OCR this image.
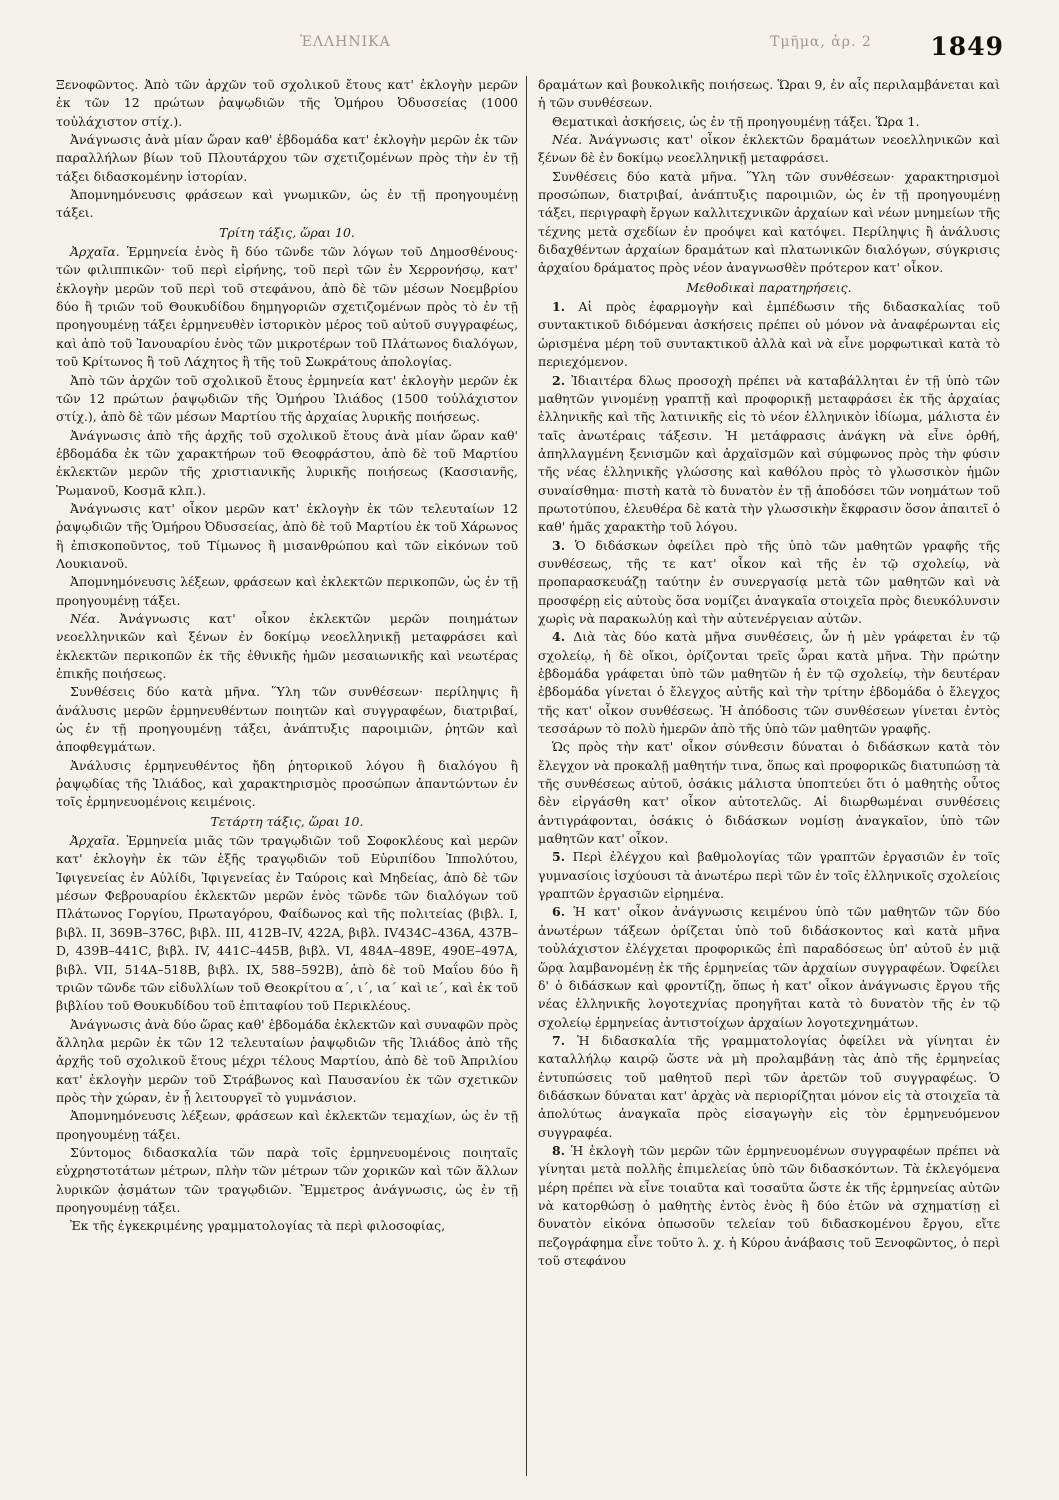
ἘΛΛΗΝΙΚΑ	Τμῆμα, ἀρ. 2 1849

Ξενοφῶντος. Ἀπὸ τῶν ἀρχῶν τοῦ σχολικοῦ ἔτους κατ' ἐκλογὴν μερῶν ἐκ τῶν 12 πρώτων ῥαψῳδιῶν τῆς Ὁμήρου Ὀδυσσείας (1000 τοὐλάχιστον στίχ.).

Ἀνάγνωσις ἀνὰ μίαν ὥραν καθ' ἑβδομάδα κατ' ἐκλογὴν μερῶν ἐκ τῶν παραλλήλων βίων τοῦ Πλουτάρχου τῶν σχετιζομένων πρὸς τὴν ἐν τῇ τάξει διδασκομένην ἱστορίαν.

Ἀπομνημόνευσις φράσεων καὶ γνωμικῶν, ὡς ἐν τῇ προηγουμένῃ τάξει.

Τρίτη τάξις, ὥραι 10.

Ἀρχαῖα. Ἑρμηνεία ἑνὸς ἢ δύο τῶνδε τῶν λόγων τοῦ Δημοσθένους· τῶν φιλιππικῶν· τοῦ περὶ εἰρήνης, τοῦ περὶ τῶν ἐν Χερρονήσῳ, κατ' ἐκλογὴν μερῶν τοῦ περὶ τοῦ στεφάνου, ἀπὸ δὲ τῶν μέσων Νοεμβρίου δύο ἢ τριῶν τοῦ Θουκυδίδου δημηγοριῶν σχετιζομένων πρὸς τὸ ἐν τῇ προηγουμένῃ τάξει ἑρμηνευθὲν ἱστορικὸν μέρος τοῦ αὐτοῦ συγγραφέως, καὶ ἀπὸ τοῦ Ἰανουαρίου ἑνὸς τῶν μικροτέρων τοῦ Πλάτωνος διαλόγων, τοῦ Κρίτωνος ἢ τοῦ Λάχητος ἢ τῆς τοῦ Σωκράτους ἀπολογίας.

Ἀπὸ τῶν ἀρχῶν τοῦ σχολικοῦ ἔτους ἑρμηνεία κατ' ἐκλογὴν μερῶν ἐκ τῶν 12 πρώτων ῥαψῳδιῶν τῆς Ὁμήρου Ἰλιάδος (1500 τοὐλάχιστον στίχ.), ἀπὸ δὲ τῶν μέσων Μαρτίου τῆς ἀρχαίας λυρικῆς ποιήσεως.

Ἀνάγνωσις ἀπὸ τῆς ἀρχῆς τοῦ σχολικοῦ ἔτους ἀνὰ μίαν ὥραν καθ' ἑβδομάδα ἐκ τῶν χαρακτήρων τοῦ Θεοφράστου, ἀπὸ δὲ τοῦ Μαρτίου ἐκλεκτῶν μερῶν τῆς χριστιανικῆς λυρικῆς ποιήσεως (Κασσιανῆς, Ῥωμανοῦ, Κοσμᾶ κλπ.).

Ἀνάγνωσις κατ' οἶκον μερῶν κατ' ἐκλογὴν ἐκ τῶν τελευταίων 12 ῥαψῳδιῶν τῆς Ὁμήρου Ὀδυσσείας, ἀπὸ δὲ τοῦ Μαρτίου ἐκ τοῦ Χάρωνος ἢ ἐπισκοποῦντος, τοῦ Τίμωνος ἢ μισανθρώπου καὶ τῶν εἰκόνων τοῦ Λουκιανοῦ.

Ἀπομνημόνευσις λέξεων, φράσεων καὶ ἐκλεκτῶν περικοπῶν, ὡς ἐν τῇ προηγουμένῃ τάξει.

Νέα. Ἀνάγνωσις κατ' οἶκον ἐκλεκτῶν μερῶν ποιημάτων νεοελληνικῶν καὶ ξένων ἐν δοκίμῳ νεοελληνικῇ μεταφράσει καὶ ἐκλεκτῶν περικοπῶν ἐκ τῆς ἐθνικῆς ἡμῶν μεσαιωνικῆς καὶ νεωτέρας ἐπικῆς ποιήσεως.

Συνθέσεις δύο κατὰ μῆνα. Ὕλη τῶν συνθέσεων· περίληψις ἢ ἀνάλυσις μερῶν ἑρμηνευθέντων ποιητῶν καὶ συγγραφέων, διατριβαί, ὡς ἐν τῇ προηγουμένῃ τάξει, ἀνάπτυξις παροιμιῶν, ῥητῶν καὶ ἀποφθεγμάτων.

Ἀνάλυσις ἑρμηνευθέντος ἤδη ῥητορικοῦ λόγου ἢ διαλόγου ἢ ῥαψῳδίας τῆς Ἰλιάδος, καὶ χαρακτηρισμὸς προσώπων ἀπαντώντων ἐν τοῖς ἑρμηνευομένοις κειμένοις.

Τετάρτη τάξις, ὥραι 10.

Ἀρχαῖα. Ἑρμηνεία μιᾶς τῶν τραγῳδιῶν τοῦ Σοφοκλέους καὶ μερῶν κατ' ἐκλογὴν ἐκ τῶν ἑξῆς τραγῳδιῶν τοῦ Εὐριπίδου Ἱππολύτου, Ἰφιγενείας ἐν Αὐλίδι, Ἰφιγενείας ἐν Ταύροις καὶ Μηδείας, ἀπὸ δὲ τῶν μέσων Φεβρουαρίου ἐκλεκτῶν μερῶν ἑνὸς τῶνδε τῶν διαλόγων τοῦ Πλάτωνος Γοργίου, Πρωταγόρου, Φαίδωνος καὶ τῆς πολιτείας (βιβλ. I, βιβλ. II, 369B–376C, βιβλ. III, 412B–IV, 422A, βιβλ. IV434C–436A, 437B–D, 439B–441C, βιβλ. IV, 441C–445B, βιβλ. VI, 484A–489E, 490E–497A, βιβλ. VII, 514A–518B, βιβλ. IX, 588–592B), ἀπὸ δὲ τοῦ Μαΐου δύο ἢ τριῶν τῶνδε τῶν εἰδυλλίων τοῦ Θεοκρίτου α΄, ι΄, ια΄ καὶ ιε΄, καὶ ἐκ τοῦ βιβλίου τοῦ Θουκυδίδου τοῦ ἐπιταφίου τοῦ Περικλέους.

Ἀνάγνωσις ἀνὰ δύο ὥρας καθ' ἑβδομάδα ἐκλεκτῶν καὶ συναφῶν πρὸς ἄλληλα μερῶν ἐκ τῶν 12 τελευταίων ῥαψῳδιῶν τῆς Ἰλιάδος ἀπὸ τῆς ἀρχῆς τοῦ σχολικοῦ ἔτους μέχρι τέλους Μαρτίου, ἀπὸ δὲ τοῦ Ἀπριλίου κατ' ἐκλογὴν μερῶν τοῦ Στράβωνος καὶ Παυσανίου ἐκ τῶν σχετικῶν πρὸς τὴν χώραν, ἐν ᾗ λειτουργεῖ τὸ γυμνάσιον.

Ἀπομνημόνευσις λέξεων, φράσεων καὶ ἐκλεκτῶν τεμαχίων, ὡς ἐν τῇ προηγουμένῃ τάξει.

Σύντομος διδασκαλία τῶν παρὰ τοῖς ἑρμηνευομένοις ποιηταῖς εὐχρηστοτάτων μέτρων, πλὴν τῶν μέτρων τῶν χορικῶν καὶ τῶν ἄλλων λυρικῶν ᾀσμάτων τῶν τραγῳδιῶν. Ἔμμετρος ἀνάγνωσις, ὡς ἐν τῇ προηγουμένῃ τάξει.

Ἐκ τῆς ἐγκεκριμένης γραμματολογίας τὰ περὶ φιλοσοφίας,

δραμάτων καὶ βουκολικῆς ποιήσεως. Ὥραι 9, ἐν αἷς περιλαμβάνεται καὶ ἡ τῶν συνθέσεων.

Θεματικαὶ ἀσκήσεις, ὡς ἐν τῇ προηγουμένῃ τάξει. Ὥρα 1.

Νέα. Ἀνάγνωσις κατ' οἶκον ἐκλεκτῶν δραμάτων νεοελληνικῶν καὶ ξένων δὲ ἐν δοκίμῳ νεοελληνικῇ μεταφράσει.

Συνθέσεις δύο κατὰ μῆνα. Ὕλη τῶν συνθέσεων· χαρακτηρισμοὶ προσώπων, διατριβαί, ἀνάπτυξις παροιμιῶν, ὡς ἐν τῇ προηγουμένῃ τάξει, περιγραφὴ ἔργων καλλιτεχνικῶν ἀρχαίων καὶ νέων μνημείων τῆς τέχνης μετὰ σχεδίων ἐν προόψει καὶ κατόψει. Περίληψις ἢ ἀνάλυσις διδαχθέντων ἀρχαίων δραμάτων καὶ πλατωνικῶν διαλόγων, σύγκρισις ἀρχαίου δράματος πρὸς νέον ἀναγνωσθὲν πρότερον κατ' οἶκον.

Μεθοδικαὶ παρατηρήσεις.

1. Αἱ πρὸς ἐφαρμογὴν καὶ ἐμπέδωσιν τῆς διδασκαλίας τοῦ συντακτικοῦ διδόμεναι ἀσκήσεις πρέπει οὐ μόνον νὰ ἀναφέρωνται εἰς ὡρισμένα μέρη τοῦ συντακτικοῦ ἀλλὰ καὶ νὰ εἶνε μορφωτικαὶ κατὰ τὸ περιεχόμενον.

2. Ἰδιαιτέρα δλως προσοχὴ πρέπει νὰ καταβάλληται ἐν τῇ ὑπὸ τῶν μαθητῶν γινομένῃ γραπτῇ καὶ προφορικῇ μεταφράσει ἐκ τῆς ἀρχαίας ἑλληνικῆς καὶ τῆς λατινικῆς εἰς τὸ νέον ἑλληνικὸν ἰδίωμα, μάλιστα ἐν ταῖς ἀνωτέραις τάξεσιν. Ἡ μετάφρασις ἀνάγκη νὰ εἶνε ὀρθή, ἀπηλλαγμένη ξενισμῶν καὶ ἀρχαϊσμῶν καὶ σύμφωνος πρὸς τὴν φύσιν τῆς νέας ἑλληνικῆς γλώσσης καὶ καθόλου πρὸς τὸ γλωσσικὸν ἡμῶν συναίσθημα· πιστὴ κατὰ τὸ δυνατὸν ἐν τῇ ἀποδόσει τῶν νοημάτων τοῦ πρωτοτύπου, ἐλευθέρα δὲ κατὰ τὴν γλωσσικὴν ἔκφρασιν ὅσον ἀπαιτεῖ ὁ καθ' ἡμᾶς χαρακτὴρ τοῦ λόγου.

3. Ὁ διδάσκων ὀφείλει πρὸ τῆς ὑπὸ τῶν μαθητῶν γραφῆς τῆς συνθέσεως, τῆς τε κατ' οἶκον καὶ τῆς ἐν τῷ σχολείῳ, νὰ προπαρασκευάζῃ ταύτην ἐν συνεργασίᾳ μετὰ τῶν μαθητῶν καὶ νὰ προσφέρῃ εἰς αὐτοὺς ὅσα νομίζει ἀναγκαῖα στοιχεῖα πρὸς διευκόλυνσιν χωρὶς νὰ παρακωλύῃ καὶ τὴν αὐτενέργειαν αὐτῶν.

4. Διὰ τὰς δύο κατὰ μῆνα συνθέσεις, ὧν ἡ μὲν γράφεται ἐν τῷ σχολείῳ, ἡ δὲ οἴκοι, ὁρίζονται τρεῖς ὧραι κατὰ μῆνα. Τὴν πρώτην ἑβδομάδα γράφεται ὑπὸ τῶν μαθητῶν ἡ ἐν τῷ σχολείῳ, τὴν δευτέραν ἑβδομάδα γίνεται ὁ ἔλεγχος αὐτῆς καὶ τὴν τρίτην ἑβδομάδα ὁ ἔλεγχος τῆς κατ' οἶκον συνθέσεως. Ἡ ἀπόδοσις τῶν συνθέσεων γίνεται ἐντὸς τεσσάρων τὸ πολὺ ἡμερῶν ἀπὸ τῆς ὑπὸ τῶν μαθητῶν γραφῆς.

Ὡς πρὸς τὴν κατ' οἶκον σύνθεσιν δύναται ὁ διδάσκων κατὰ τὸν ἔλεγχον νὰ προκαλῇ μαθητήν τινα, ὅπως καὶ προφορικῶς διατυπώσῃ τὰ τῆς συνθέσεως αὐτοῦ, ὁσάκις μάλιστα ὑποπτεύει ὅτι ὁ μαθητὴς οὗτος δὲν εἰργάσθη κατ' οἶκον αὐτοτελῶς. Αἱ διωρθωμέναι συνθέσεις ἀντιγράφονται, ὁσάκις ὁ διδάσκων νομίσῃ ἀναγκαῖον, ὑπὸ τῶν μαθητῶν κατ' οἶκον.

5. Περὶ ἐλέγχου καὶ βαθμολογίας τῶν γραπτῶν ἐργασιῶν ἐν τοῖς γυμνασίοις ἰσχύουσι τὰ ἀνωτέρω περὶ τῶν ἐν τοῖς ἑλληνικοῖς σχολείοις γραπτῶν ἐργασιῶν εἰρημένα.

6. Ἡ κατ' οἶκον ἀνάγνωσις κειμένου ὑπὸ τῶν μαθητῶν τῶν δύο ἀνωτέρων τάξεων ὁρίζεται ὑπὸ τοῦ διδάσκοντος καὶ κατὰ μῆνα τοὐλάχιστον ἐλέγχεται προφορικῶς ἐπὶ παραδόσεως ὑπ' αὐτοῦ ἐν μιᾷ ὥρᾳ λαμβανομένῃ ἐκ τῆς ἑρμηνείας τῶν ἀρχαίων συγγραφέων. Ὀφείλει δ' ὁ διδάσκων καὶ φροντίζῃ, ὅπως ἡ κατ' οἶκον ἀνάγνωσις ἔργου τῆς νέας ἑλληνικῆς λογοτεχνίας προηγῆται κατὰ τὸ δυνατὸν τῆς ἐν τῷ σχολείῳ ἑρμηνείας ἀντιστοίχων ἀρχαίων λογοτεχνημάτων.

7. Ἡ διδασκαλία τῆς γραμματολογίας ὀφείλει νὰ γίνηται ἐν καταλλήλῳ καιρῷ ὥστε νὰ μὴ προλαμβάνῃ τὰς ἀπὸ τῆς ἑρμηνείας ἐντυπώσεις τοῦ μαθητοῦ περὶ τῶν ἀρετῶν τοῦ συγγραφέως. Ὁ διδάσκων δύναται κατ' ἀρχὰς νὰ περιορίζηται μόνον εἰς τὰ στοιχεῖα τὰ ἀπολύτως ἀναγκαῖα πρὸς εἰσαγωγὴν εἰς τὸν ἑρμηνευόμενον συγγραφέα.

8. Ἡ ἐκλογὴ τῶν μερῶν τῶν ἑρμηνευομένων συγγραφέων πρέπει νὰ γίνηται μετὰ πολλῆς ἐπιμελείας ὑπὸ τῶν διδασκόντων. Τὰ ἐκλεγόμενα μέρη πρέπει νὰ εἶνε τοιαῦτα καὶ τοσαῦτα ὥστε ἐκ τῆς ἑρμηνείας αὐτῶν νὰ κατορθώσῃ ὁ μαθητὴς ἐντὸς ἑνὸς ἢ δύο ἐτῶν νὰ σχηματίσῃ εἰ δυνατὸν εἰκόνα ὁπωσοῦν τελείαν τοῦ διδασκομένου ἔργου, εἴτε πεζογράφημα εἶνε τοῦτο λ. χ. ἡ Κύρου ἀνάβασις τοῦ Ξενοφῶντος, ὁ περὶ τοῦ στεφάνου
